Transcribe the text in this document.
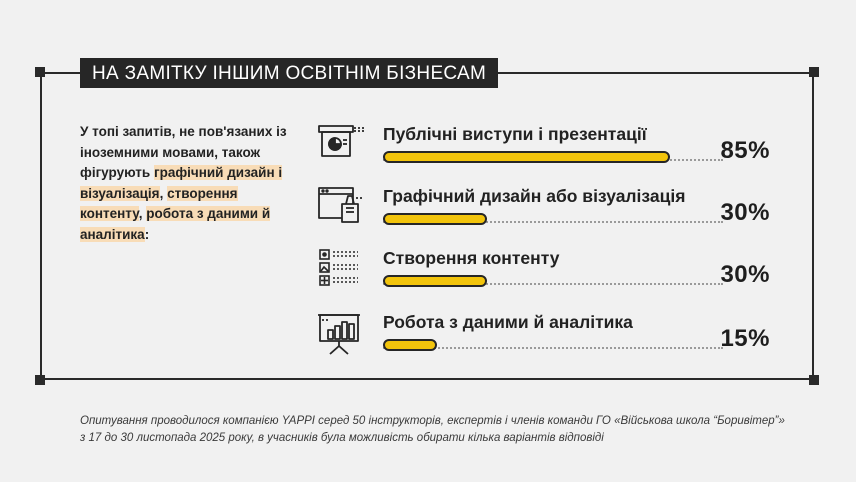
НА ЗАМІТКУ ІНШИМ ОСВІТНІМ БІЗНЕСАМ
У топі запитів, не пов'язаних із іноземними мовами, також фігурують графічний дизайн і візуалізація, створення контенту, робота з даними й аналітика:
Публічні виступи і презентації
85%
Графічний дизайн або візуалізація
30%
Створення контенту
30%
Робота з даними й аналітика
15%
Опитування проводилося компанією YAPPI серед 50 інструкторів, експертів і членів команди ГО «Військова школа “Боривітер”»
з 17 до 30 листопада 2025 року, в учасників була можливість обирати кілька варіантів відповіді
